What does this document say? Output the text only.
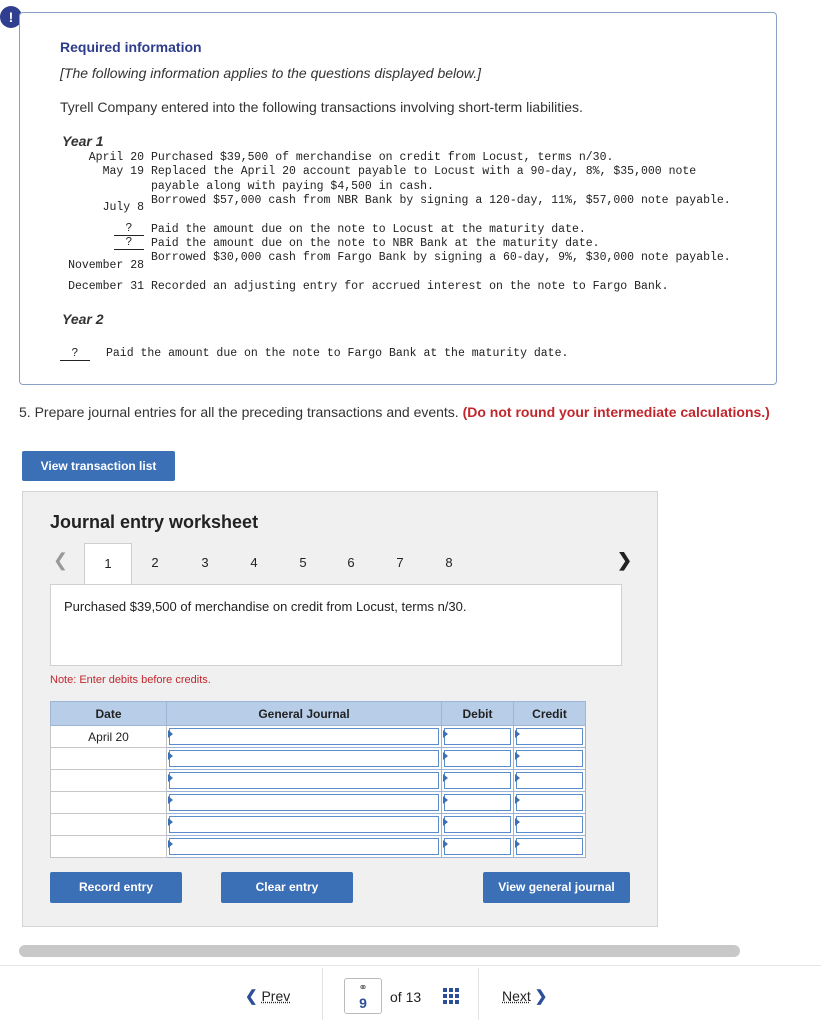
!
Required information
[The following information applies to the questions displayed below.]
Tyrell Company entered into the following transactions involving short-term liabilities.
Year 1
April 20 Purchased $39,500 of merchandise on credit from Locust, terms n/30.
May 19 Replaced the April 20 account payable to Locust with a 90-day, 8%, $35,000 note payable along with paying $4,500 in cash.
July 8
Borrowed $57,000 cash from NBR Bank by signing a 120-day, 11%, $57,000 note payable.
?	Paid the amount due on the note to Locust at the maturity date.
?	Paid the amount due on the note to NBR Bank at the maturity date.
November 28
Borrowed $30,000 cash from Fargo Bank by signing a 60-day, 9%, $30,000 note payable.
December 31 Recorded an adjusting entry for accrued interest on the note to Fargo Bank.
Year 2
?	Paid the amount due on the note to Fargo Bank at the maturity date.
5. Prepare journal entries for all the preceding transactions and events. (Do not round your intermediate calculations.)
View transaction list
Journal entry worksheet
❮	1	2	3	4	5	6	7	8	❯
Purchased $39,500 of merchandise on credit from Locust, terms n/30.
Note: Enter debits before credits.
Date	General Journal	Debit	Credit
April 20	

Record entry	Clear entry	View general journal
❮ Prev	⚭
9	of 13	Next ❯
